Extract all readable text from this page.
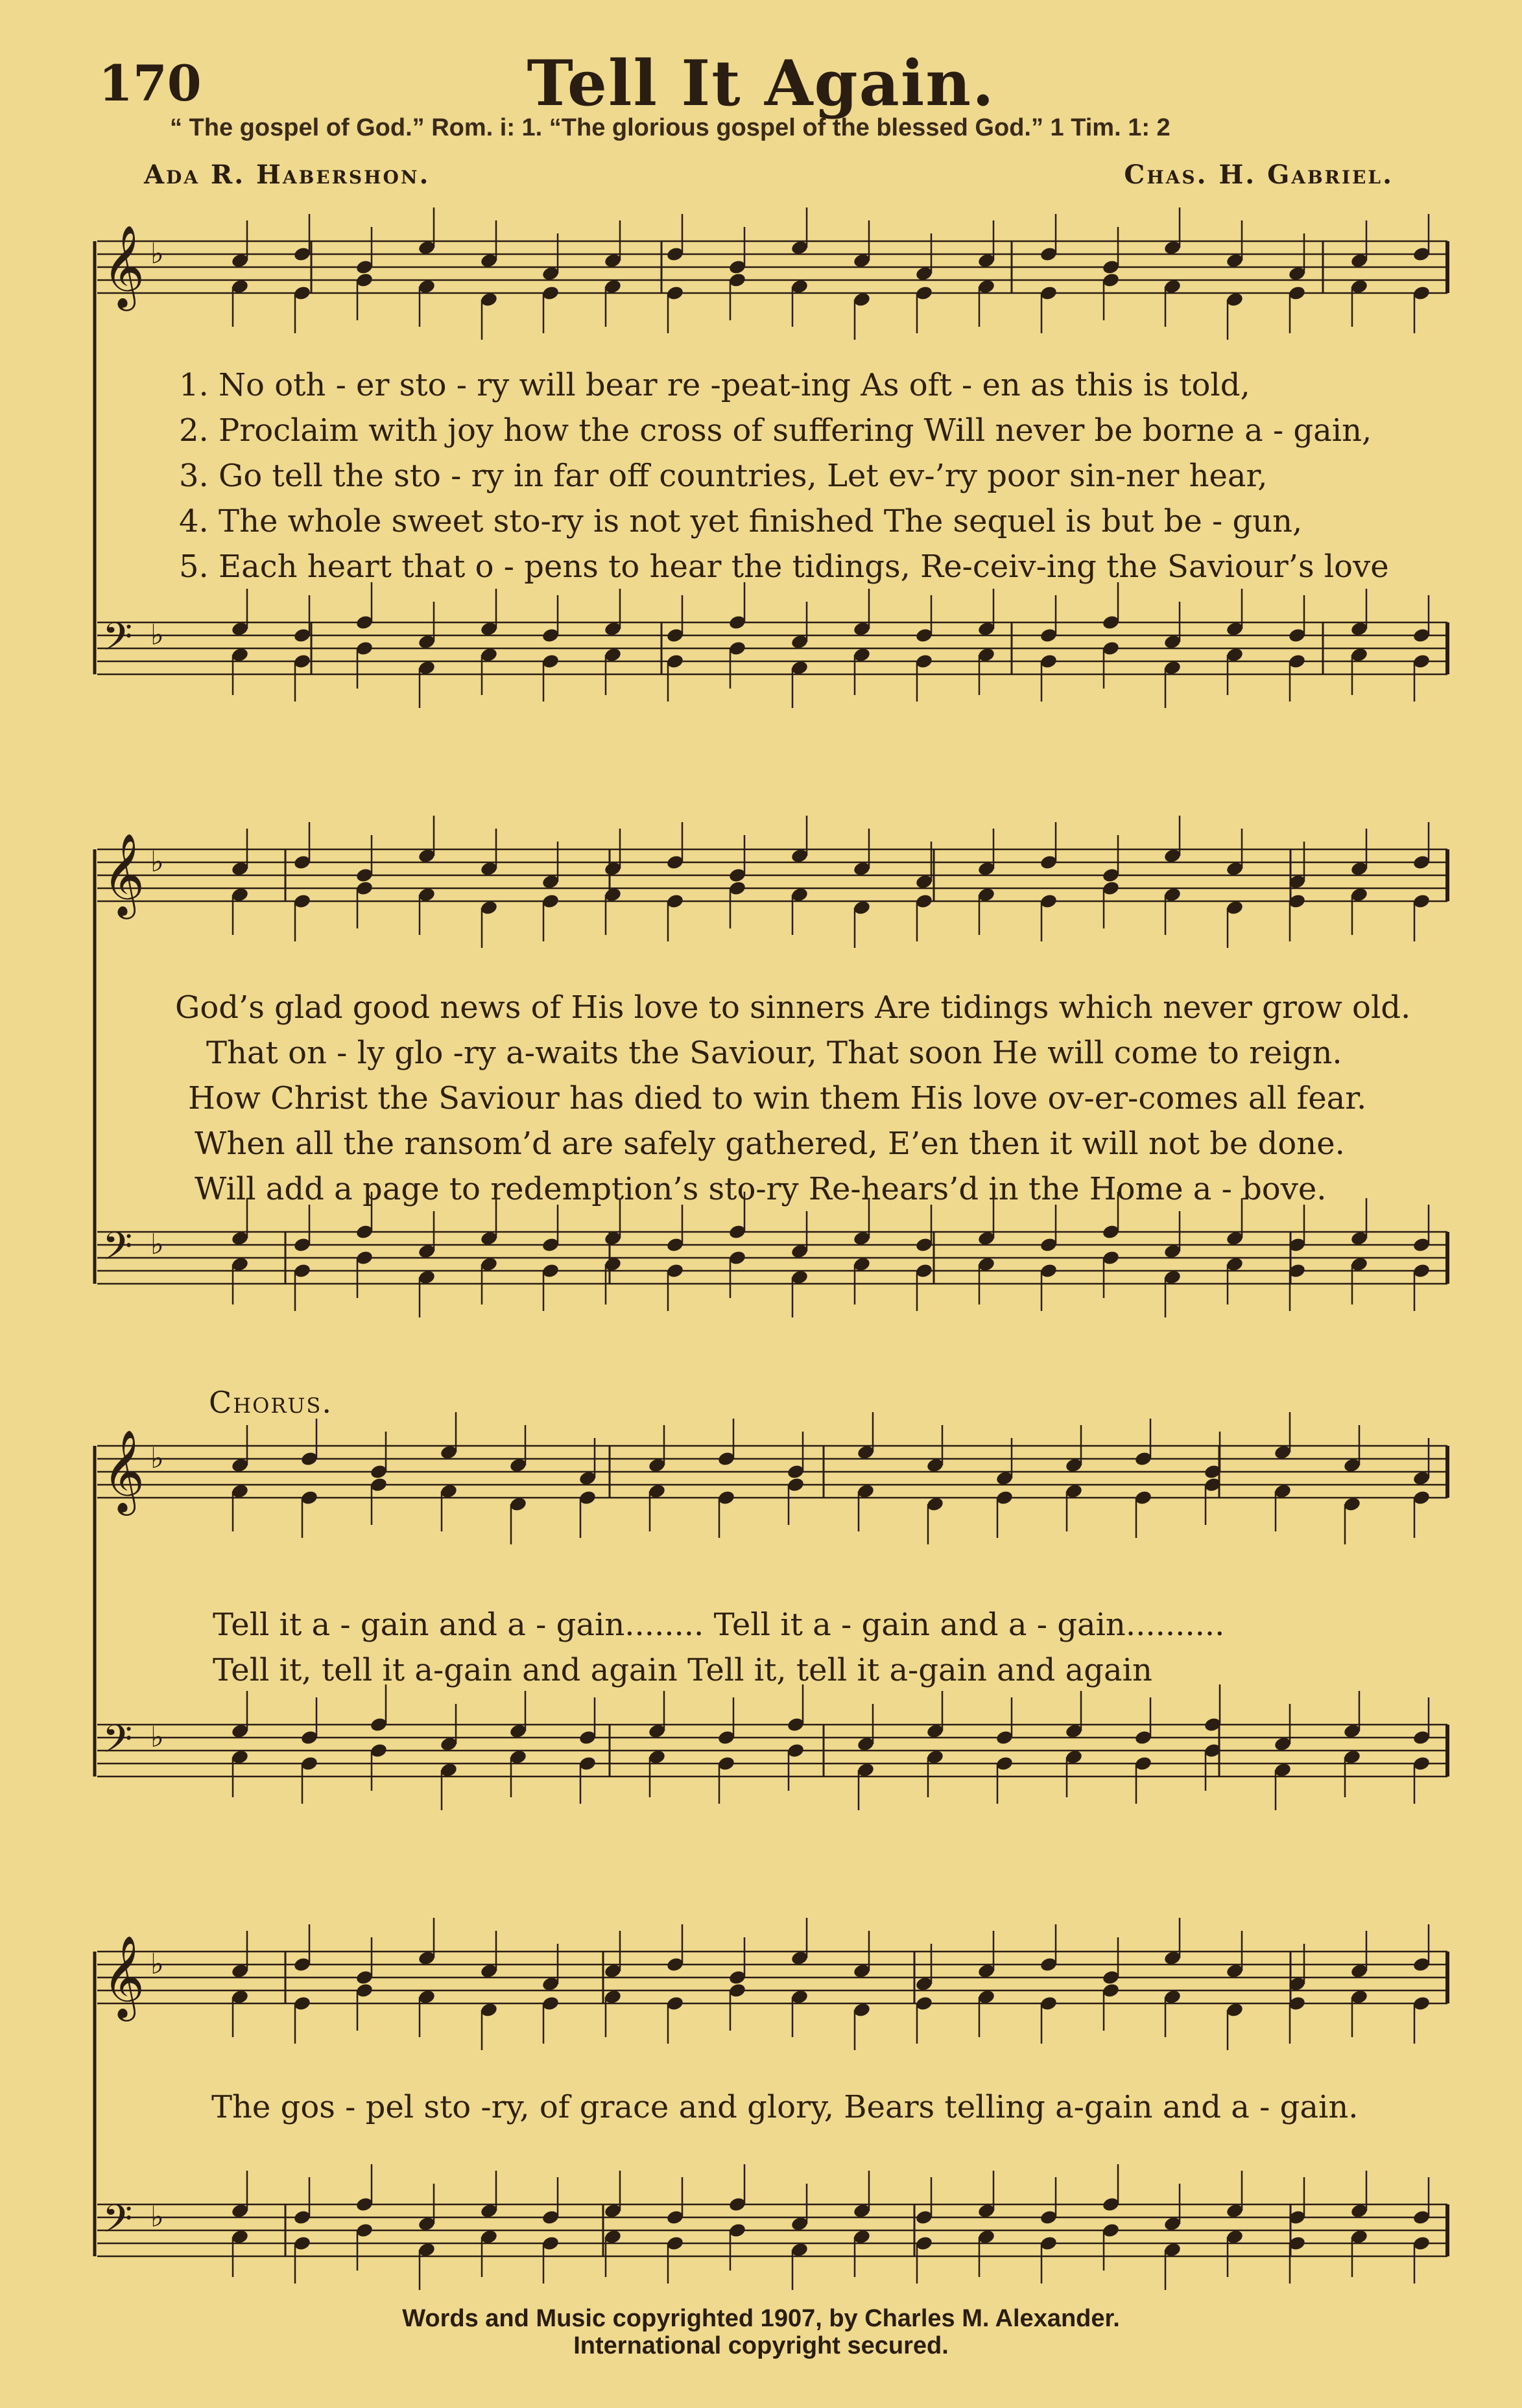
170	Tell It Again.
“ The gospel of God.” Rom. i: 1. “The glorious gospel of the blessed God.” 1 Tim. 1: 2
Ada R. Habershon.	Chas. H. Gabriel.
𝄞 ♭
𝄢 ♭
𝄞 ♭
𝄢 ♭
𝄞 ♭
𝄢 ♭
𝄞 ♭
𝄢 ♭
1. No oth - er sto - ry will bear re -peat-ing As oft - en as this is told,
2. Proclaim with joy how the cross of suffering Will never be borne a - gain,
3. Go tell the sto - ry in far off countries, Let ev-’ry poor sin-ner hear,
4. The whole sweet sto-ry is not yet finished The sequel is but be - gun,
5. Each heart that o - pens to hear the tidings, Re-ceiv-ing the Saviour’s love
God’s glad good news of His love to sinners Are tidings which never grow old.
That on - ly glo -ry a-waits the Saviour, That soon He will come to reign.
How Christ the Saviour has died to win them His love ov-er-comes all fear.
When all the ransom’d are safely gathered, E’en then it will not be done.
Will add a page to redemption’s sto-ry Re-hears’d in the Home a - bove.
Chorus.
Tell it a - gain and a - gain........ Tell it a - gain and a - gain..........
Tell it, tell it a-gain and again Tell it, tell it a-gain and again
The gos - pel sto -ry, of grace and glory, Bears telling a-gain and a - gain.
Words and Music copyrighted 1907, by Charles M. Alexander.
International copyright secured.
